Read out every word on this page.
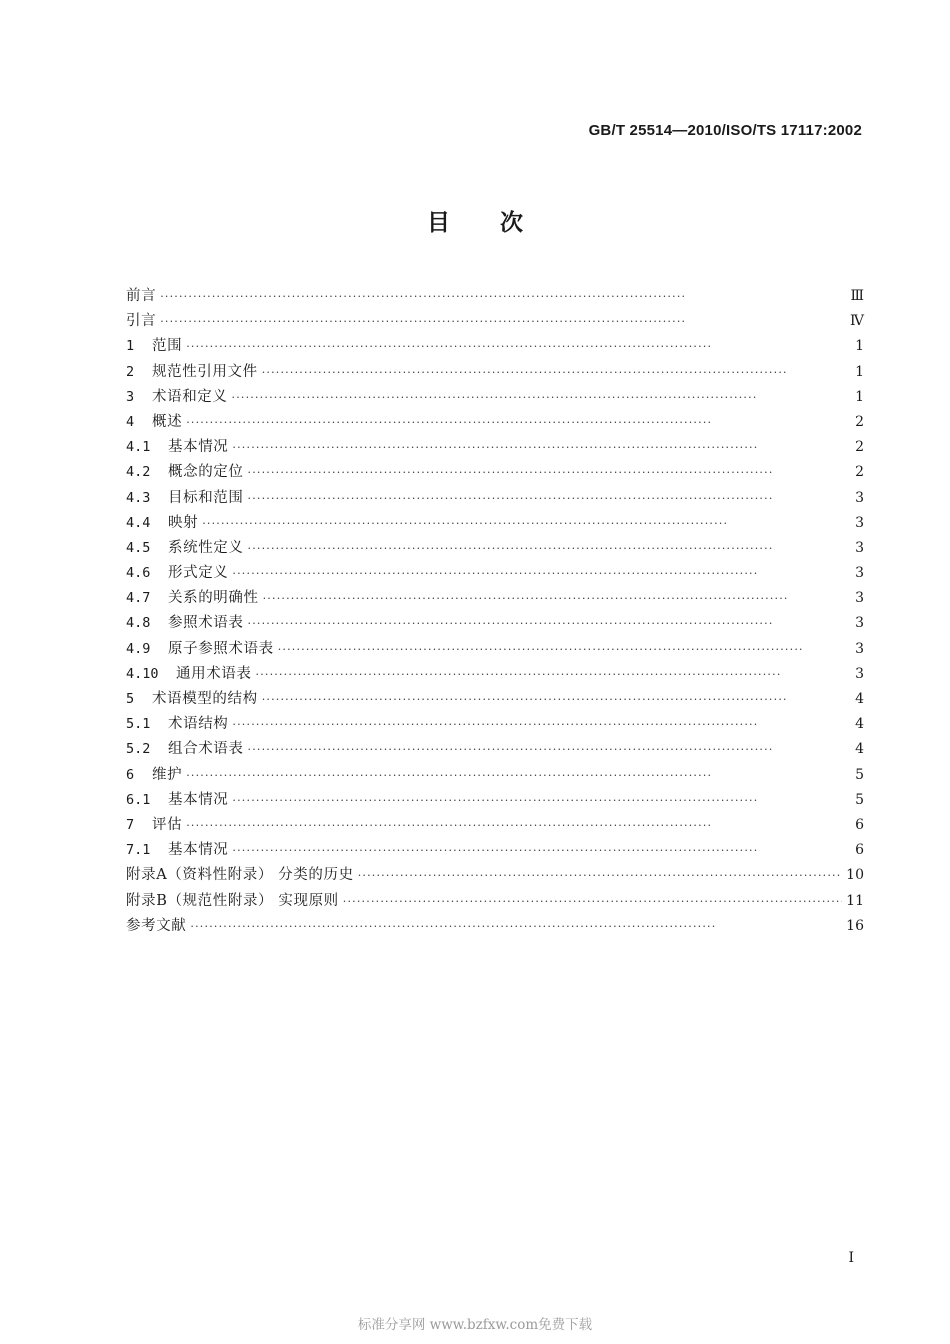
GB/T 25514—2010/ISO/TS 17117:2002
目 次
前言 ·····	Ⅲ
引言 ·····	Ⅳ
1	范围 ·····	1
2	规范性引用文件 ·····	1
3	术语和定义 ·····	1
4	概述 ·····	2
4.1	基本情况 ·····	2
4.2	概念的定位 ·····	2
4.3	目标和范围 ·····	3
4.4	映射 ·····	3
4.5	系统性定义 ·····	3
4.6	形式定义 ·····	3
4.7	关系的明确性 ·····	3
4.8	参照术语表 ·····	3
4.9	原子参照术语表 ·····	3
4.10	通用术语表 ·····	3
5	术语模型的结构 ·····	4
5.1	术语结构 ·····	4
5.2	组合术语表 ·····	4
6	维护 ·····	5
6.1	基本情况 ·····	5
7	评估 ·····	6
7.1	基本情况 ·····	6
附录A（资料性附录） 分类的历史 ·····	10
附录B（规范性附录） 实现原则 ·····	11
参考文献 ·····	16
I
标准分享网 www.bzfxw.com免费下载
